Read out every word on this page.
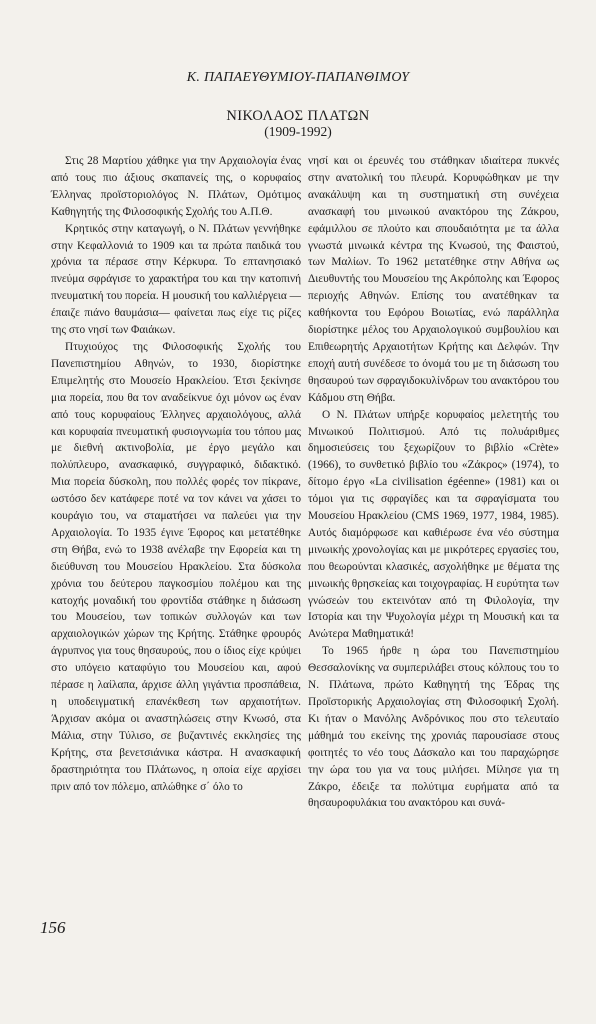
Κ. ΠΑΠΑΕΥΘΥΜΙΟΥ-ΠΑΠΑΝΘΙΜΟΥ
ΝΙΚΟΛΑΟΣ ΠΛΑΤΩΝ
(1909-1992)

Στις 28 Μαρτίου χάθηκε για την Αρχαιολογία ένας από τους πιο άξιους σκαπανείς της, ο κορυφαίος Έλληνας προϊστοριολόγος Ν. Πλάτων, Ομότιμος Καθηγητής της Φιλοσοφικής Σχολής του Α.Π.Θ.

Κρητικός στην καταγωγή, ο Ν. Πλάτων γεννήθηκε στην Κεφαλλονιά το 1909 και τα πρώτα παιδικά του χρόνια τα πέρασε στην Κέρκυρα. Το επτανησιακό πνεύμα σφράγισε το χαρακτήρα του και την κατοπινή πνευματική του πορεία. Η μουσική του καλλιέργεια —έπαιζε πιάνο θαυμάσια— φαίνεται πως είχε τις ρίζες της στο νησί των Φαιάκων.

Πτυχιούχος της Φιλοσοφικής Σχολής του Πανεπιστημίου Αθηνών, το 1930, διορίστηκε Επιμελητής στο Μουσείο Ηρακλείου. Έτσι ξεκίνησε μια πορεία, που θα τον αναδείκνυε όχι μόνον ως έναν από τους κορυφαίους Έλληνες αρχαιολόγους, αλλά και κορυφαία πνευματική φυσιογνωμία του τόπου μας με διεθνή ακτινοβολία, με έργο μεγάλο και πολύπλευρο, ανασκαφικό, συγγραφικό, διδακτικό. Μια πορεία δύσκολη, που πολλές φορές τον πίκρανε, ωστόσο δεν κατάφερε ποτέ να τον κάνει να χάσει το κουράγιο του, να σταματήσει να παλεύει για την Αρχαιολογία. Το 1935 έγινε Έφορος και μετατέθηκε στη Θήβα, ενώ το 1938 ανέλαβε την Εφορεία και τη διεύθυνση του Μουσείου Ηρακλείου. Στα δύσκολα χρόνια του δεύτερου παγκοσμίου πολέμου και της κατοχής μοναδική του φροντίδα στάθηκε η διάσωση του Μουσείου, των τοπικών συλλογών και των αρχαιολογικών χώρων της Κρήτης. Στάθηκε φρουρός άγρυπνος για τους θησαυρούς, που ο ίδιος είχε κρύψει στο υπόγειο καταφύγιο του Μουσείου και, αφού πέρασε η λαίλαπα, άρχισε άλλη γιγάντια προσπάθεια, η υποδειγματική επανέκθεση των αρχαιοτήτων. Άρχισαν ακόμα οι αναστηλώσεις στην Κνωσό, στα Μάλια, στην Τύλισο, σε βυζαντινές εκκλησίες της Κρήτης, στα βενετσιάνικα κάστρα. Η ανασκαφική δραστηριότητα του Πλάτωνος, η οποία είχε αρχίσει πριν από τον πόλεμο, απλώθηκε σ΄ όλο το

νησί και οι έρευνές του στάθηκαν ιδιαίτερα πυκνές στην ανατολική του πλευρά. Κορυφώθηκαν με την ανακάλυψη και τη συστηματική στη συνέχεια ανασκαφή του μινωικού ανακτόρου της Ζάκρου, εφάμιλλου σε πλούτο και σπουδαιότητα με τα άλλα γνωστά μινωικά κέντρα της Κνωσού, της Φαιστού, των Μαλίων. Το 1962 μετατέθηκε στην Αθήνα ως Διευθυντής του Μουσείου της Ακρόπολης και Έφορος περιοχής Αθηνών. Επίσης του ανατέθηκαν τα καθήκοντα του Εφόρου Βοιωτίας, ενώ παράλληλα διορίστηκε μέλος του Αρχαιολογικού συμβουλίου και Επιθεωρητής Αρχαιοτήτων Κρήτης και Δελφών. Την εποχή αυτή συνέδεσε το όνομά του με τη διάσωση του θησαυρού των σφραγιδοκυλίνδρων του ανακτόρου του Κάδμου στη Θήβα.

Ο Ν. Πλάτων υπήρξε κορυφαίος μελετητής του Μινωικού Πολιτισμού. Από τις πολυάριθμες δημοσιεύσεις του ξεχωρίζουν το βιβλίο «Crète» (1966), το συνθετικό βιβλίο του «Ζάκρος» (1974), το δίτομο έργο «La civilisation égéenne» (1981) και οι τόμοι για τις σφραγίδες και τα σφραγίσματα του Μουσείου Ηρακλείου (CMS 1969, 1977, 1984, 1985). Αυτός διαμόρφωσε και καθιέρωσε ένα νέο σύστημα μινωικής χρονολογίας και με μικρότερες εργασίες του, που θεωρούνται κλασικές, ασχολήθηκε με θέματα της μινωικής θρησκείας και τοιχογραφίας. Η ευρύτητα των γνώσεών του εκτεινόταν από τη Φιλολογία, την Ιστορία και την Ψυχολογία μέχρι τη Μουσική και τα Ανώτερα Μαθηματικά!

Το 1965 ήρθε η ώρα του Πανεπιστημίου Θεσσαλονίκης να συμπεριλάβει στους κόλπους του το Ν. Πλάτωνα, πρώτο Καθηγητή της Έδρας της Προϊστορικής Αρχαιολογίας στη Φιλοσοφική Σχολή. Κι ήταν ο Μανόλης Ανδρόνικος που στο τελευταίο μάθημά του εκείνης της χρονιάς παρουσίασε στους φοιτητές το νέο τους Δάσκαλο και του παραχώρησε την ώρα του για να τους μιλήσει. Μίλησε για τη Ζάκρο, έδειξε τα πολύτιμα ευρήματα από τα θησαυροφυλάκια του ανακτόρου και συνά-

156
